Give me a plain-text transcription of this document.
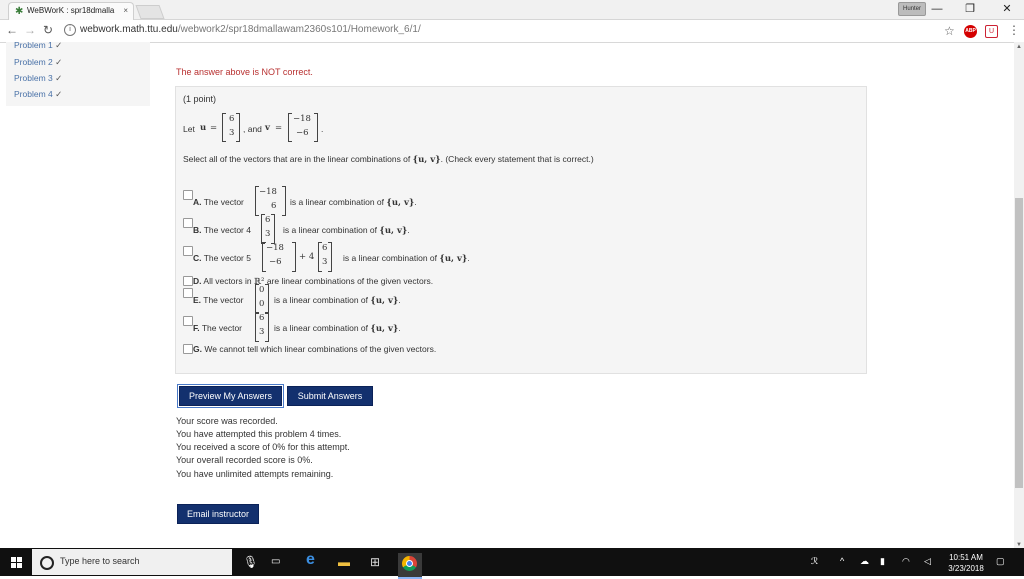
✱ WeBWorK : spr18dmalla	×	Hunter —	❐	✕
← → ↻	i webwork.math.ttu.edu/webwork2/spr18dmallawam2360s101/Homework_6/1/	☆ ABP	U	⋮
Problem 1 ✓
Problem 2 ✓
Problem 3 ✓
Problem 4 ✓
The answer above is NOT correct.
(1 point)
Let u =
6
3 , and v =
−18
−6 .
Select all of the vectors that are in the linear combinations of {u, v}. (Check every statement that is correct.)
A. The vector
−18
6 is a linear combination of {u, v}.
B. The vector 4
6
3 is a linear combination of {u, v}.
C. The vector 5
−18
−6 + 4
6
3 is a linear combination of {u, v}.
D. All vectors in ℝ² are linear combinations of the given vectors.
E. The vector
0
0 is a linear combination of {u, v}.
F. The vector
6
3 is a linear combination of {u, v}.
G. We cannot tell which linear combinations of the given vectors.
Preview My Answers	Submit Answers
Your score was recorded.
You have attempted this problem 4 times.
You received a score of 0% for this attempt.
Your overall recorded score is 0%.
You have unlimited attempts remaining.
Email instructor
▲
▼
Type here to search	🎙 ▭ e ▬ ⊞	ℛ ^ ☁ ▮ ◠ ◁	10:51 AM
3/23/2018
▢
